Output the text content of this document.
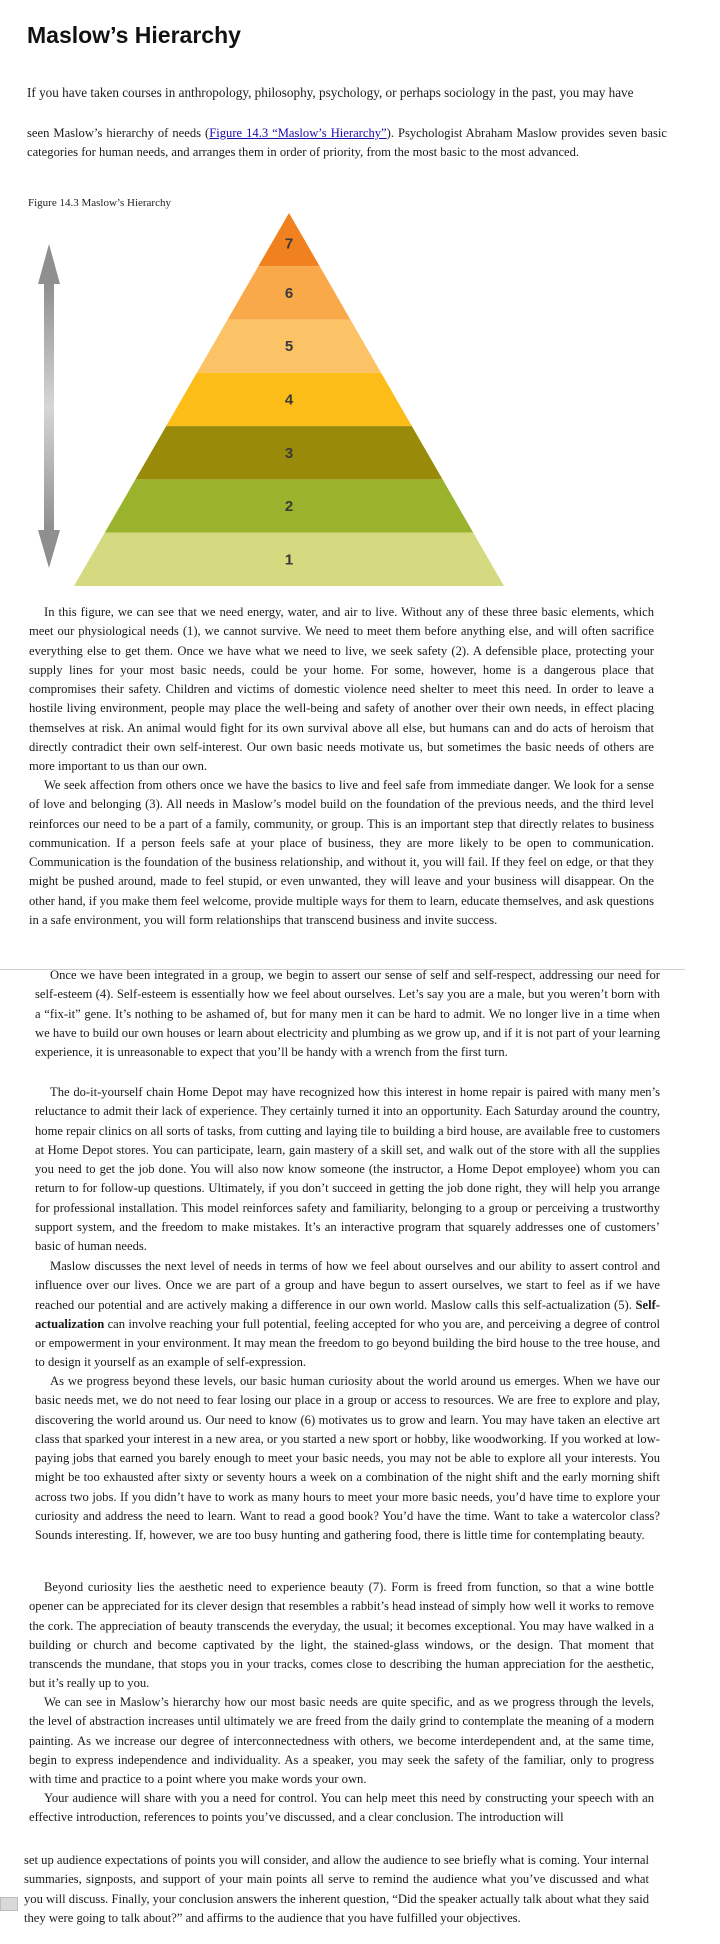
Maslow’s Hierarchy

If you have taken courses in anthropology, philosophy, psychology, or perhaps sociology in the past, you may have

seen Maslow’s hierarchy of needs (Figure 14.3 “Maslow’s Hierarchy”). Psychologist Abraham Maslow provides seven basic categories for human needs, and arranges them in order of priority, from the most basic to the most advanced.

Figure 14.3 Maslow’s Hierarchy
7
6
5
4
3
2
1

In this figure, we can see that we need energy, water, and air to live. Without any of these three basic elements, which meet our physiological needs (1), we cannot survive. We need to meet them before anything else, and will often sacrifice everything else to get them. Once we have what we need to live, we seek safety (2). A defensible place, protecting your supply lines for your most basic needs, could be your home. For some, however, home is a dangerous place that compromises their safety. Children and victims of domestic violence need shelter to meet this need. In order to leave a hostile living environment, people may place the well-being and safety of another over their own needs, in effect placing themselves at risk. An animal would fight for its own survival above all else, but humans can and do acts of heroism that directly contradict their own self-interest. Our own basic needs motivate us, but sometimes the basic needs of others are more important to us than our own.

We seek affection from others once we have the basics to live and feel safe from immediate danger. We look for a sense of love and belonging (3). All needs in Maslow’s model build on the foundation of the previous needs, and the third level reinforces our need to be a part of a family, community, or group. This is an important step that directly relates to business communication. If a person feels safe at your place of business, they are more likely to be open to communication. Communication is the foundation of the business relationship, and without it, you will fail. If they feel on edge, or that they might be pushed around, made to feel stupid, or even unwanted, they will leave and your business will disappear. On the other hand, if you make them feel welcome, provide multiple ways for them to learn, educate themselves, and ask questions in a safe environment, you will form relationships that transcend business and invite success.

Once we have been integrated in a group, we begin to assert our sense of self and self-respect, addressing our need for self-esteem (4). Self-esteem is essentially how we feel about ourselves. Let’s say you are a male, but you weren’t born with a “fix-it” gene. It’s nothing to be ashamed of, but for many men it can be hard to admit. We no longer live in a time when we have to build our own houses or learn about electricity and plumbing as we grow up, and if it is not part of your learning experience, it is unreasonable to expect that you’ll be handy with a wrench from the first turn.

The do-it-yourself chain Home Depot may have recognized how this interest in home repair is paired with many men’s reluctance to admit their lack of experience. They certainly turned it into an opportunity. Each Saturday around the country, home repair clinics on all sorts of tasks, from cutting and laying tile to building a bird house, are available free to customers at Home Depot stores. You can participate, learn, gain mastery of a skill set, and walk out of the store with all the supplies you need to get the job done. You will also now know someone (the instructor, a Home Depot employee) whom you can return to for follow-up questions. Ultimately, if you don’t succeed in getting the job done right, they will help you arrange for professional installation. This model reinforces safety and familiarity, belonging to a group or perceiving a trustworthy support system, and the freedom to make mistakes. It’s an interactive program that squarely addresses one of customers’ basic of human needs.

Maslow discusses the next level of needs in terms of how we feel about ourselves and our ability to assert control and influence over our lives. Once we are part of a group and have begun to assert ourselves, we start to feel as if we have reached our potential and are actively making a difference in our own world. Maslow calls this self-actualization (5). Self-actualization can involve reaching your full potential, feeling accepted for who you are, and perceiving a degree of control or empowerment in your environment. It may mean the freedom to go beyond building the bird house to the tree house, and to design it yourself as an example of self-expression.

As we progress beyond these levels, our basic human curiosity about the world around us emerges. When we have our basic needs met, we do not need to fear losing our place in a group or access to resources. We are free to explore and play, discovering the world around us. Our need to know (6) motivates us to grow and learn. You may have taken an elective art class that sparked your interest in a new area, or you started a new sport or hobby, like woodworking. If you worked at low-paying jobs that earned you barely enough to meet your basic needs, you may not be able to explore all your interests. You might be too exhausted after sixty or seventy hours a week on a combination of the night shift and the early morning shift across two jobs. If you didn’t have to work as many hours to meet your more basic needs, you’d have time to explore your curiosity and address the need to learn. Want to read a good book? You’d have the time. Want to take a watercolor class? Sounds interesting. If, however, we are too busy hunting and gathering food, there is little time for contemplating beauty.

Beyond curiosity lies the aesthetic need to experience beauty (7). Form is freed from function, so that a wine bottle opener can be appreciated for its clever design that resembles a rabbit’s head instead of simply how well it works to remove the cork. The appreciation of beauty transcends the everyday, the usual; it becomes exceptional. You may have walked in a building or church and become captivated by the light, the stained-glass windows, or the design. That moment that transcends the mundane, that stops you in your tracks, comes close to describing the human appreciation for the aesthetic, but it’s really up to you.

We can see in Maslow’s hierarchy how our most basic needs are quite specific, and as we progress through the levels, the level of abstraction increases until ultimately we are freed from the daily grind to contemplate the meaning of a modern painting. As we increase our degree of interconnectedness with others, we become interdependent and, at the same time, begin to express independence and individuality. As a speaker, you may seek the safety of the familiar, only to progress with time and practice to a point where you make words your own.

Your audience will share with you a need for control. You can help meet this need by constructing your speech with an effective introduction, references to points you’ve discussed, and a clear conclusion. The introduction will

set up audience expectations of points you will consider, and allow the audience to see briefly what is coming. Your internal summaries, signposts, and support of your main points all serve to remind the audience what you’ve discussed and what you will discuss. Finally, your conclusion answers the inherent question, “Did the speaker actually talk about what they said they were going to talk about?” and affirms to the audience that you have fulfilled your objectives.
